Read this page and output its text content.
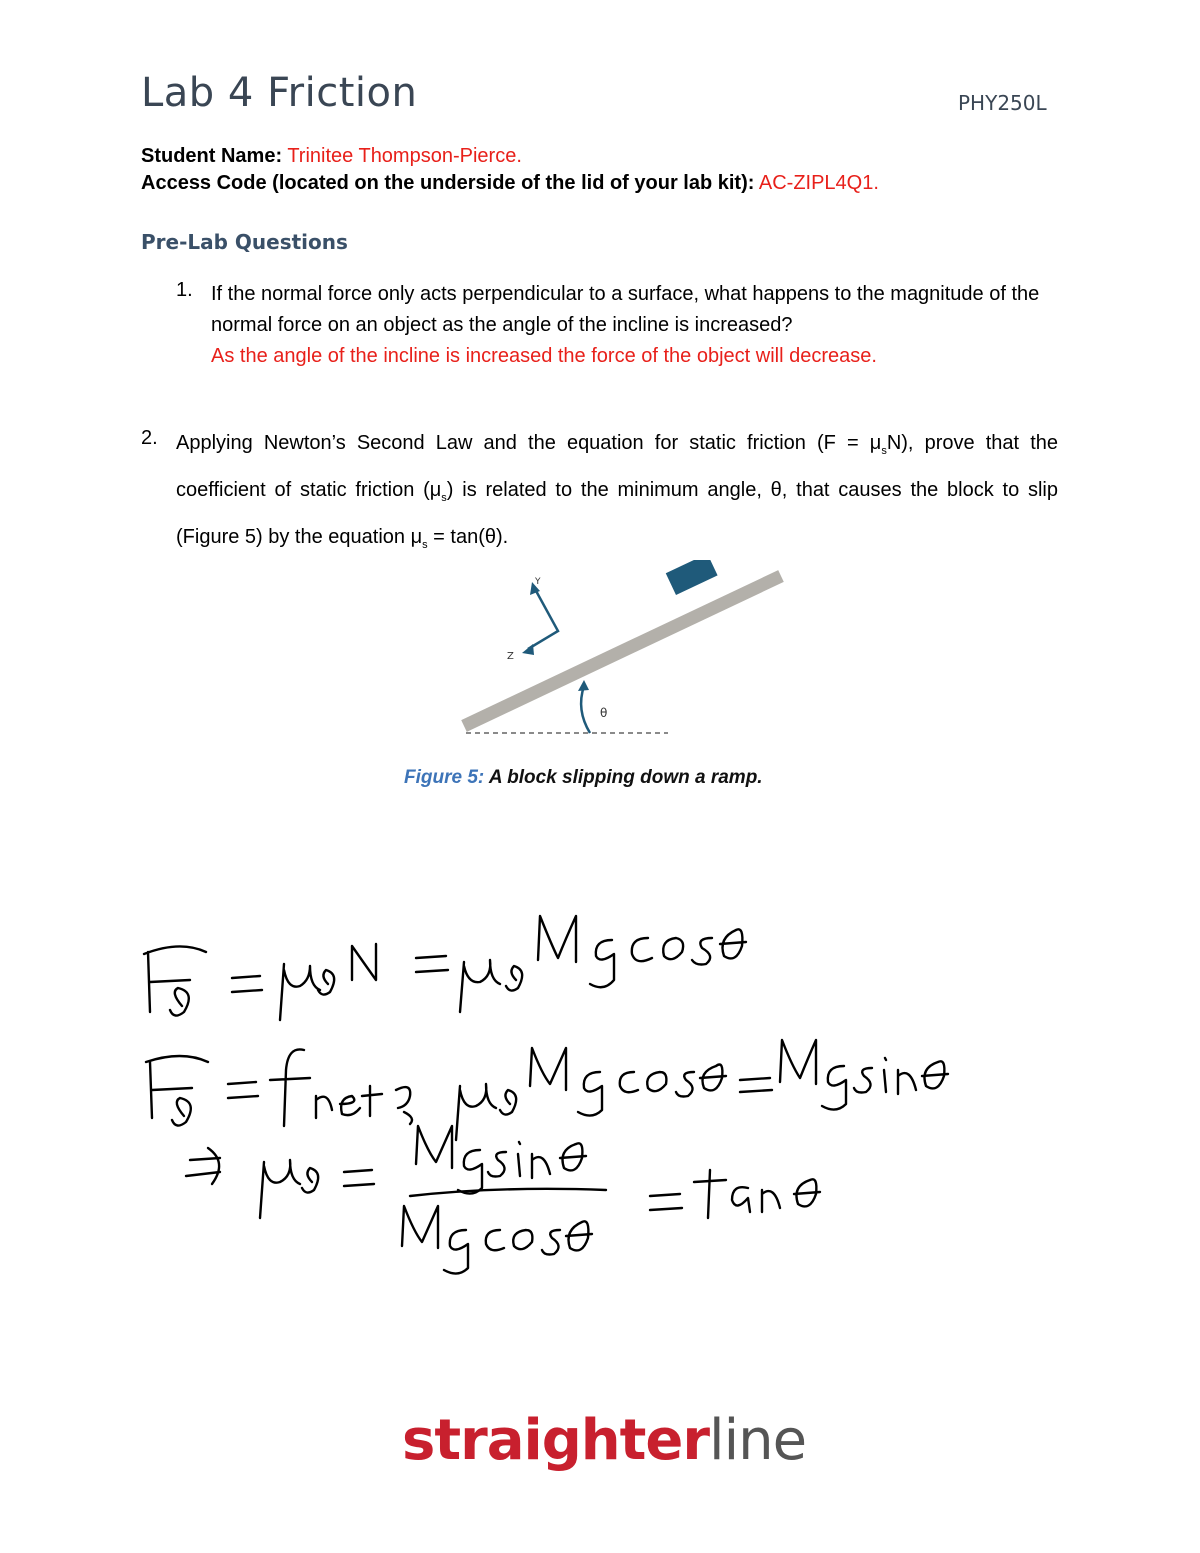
Lab 4 Friction	PHY250L
Student Name: Trinitee Thompson-Pierce.
Access Code (located on the underside of the lid of your lab kit): AC-ZIPL4Q1.
Pre-Lab Questions
1. If the normal force only acts perpendicular to a surface, what happens to the magnitude of the normal force on an object as the angle of the incline is increased?
As the angle of the incline is increased the force of the object will decrease.
2. Applying Newton’s Second Law and the equation for static friction $(F = \mu_sN)$, prove that the coefficient of static friction $(\mu_s)$ is related to the minimum angle, θ, that causes the block to slip (Figure 5) by the equation $\mu_s = \tan(\theta)$.
θ
Y
Z
Figure 5: A block slipping down a ramp.
straighterline
